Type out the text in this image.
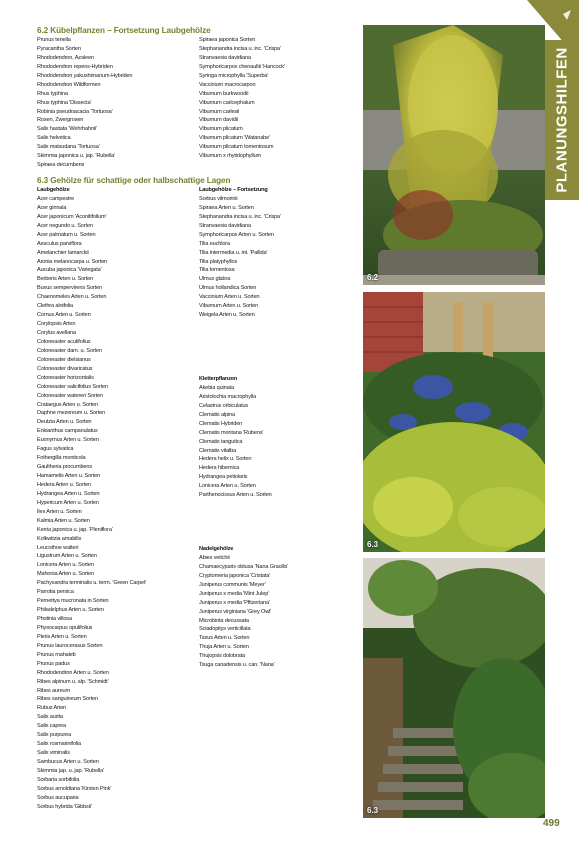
6.2 Kübelpflanzen – Fortsetzung Laubgehölze
Prunus tenella
Pyracantha Sorten
Rhododendron, Azaleen
Rhododendron repens-Hybriden
Rhododendron yakushimanum-Hybriden
Rhododendron Wildformen
Rhus typhina
Rhus typhina 'Dissecta'
Robinia pseudoacacia 'Tortuosa'
Rosen, Zwergrosen
Salix hastata 'Wehrhahnii'
Salix helvetica
Salix matsudana 'Tortuosa'
Skimmia japonica u. jap. 'Rubella'
Spiraea decumbens
Spiraea japonica Sorten
Stephanandra incisa u. inc. 'Crispa'
Stranvaesia davidiana
Symphoricarpos chenaultii 'Hancock'
Syringa microphylla 'Superba'
Vaccinium macrocarpon
Viburnum burkwoodii
Viburnum carlcephalum
Viburnum carlesii
Viburnum davidii
Viburnum plicatum
Viburnum plicatum 'Watanabe'
Viburnum plicatum tomentosum
Viburnum x rhytidophyllum
6.3 Gehölze für schattige oder halbschattige Lagen
Laubgehölze
Acer campestre
Acer ginnala
Acer japonicum 'Aconitifolium'
Acer negundo u. Sorten
Acer palmatum u. Sorten
Aesculus parviflora
Amelanchier lamarckii
Aronia melanocarpa u. Sorten
Aucuba japonica 'Variegata'
Berberis Arten u. Sorten
Buxus sempervirens Sorten
Chaenomeles Arten u. Sorten
Clethra alnifolia
Cornus Arten u. Sorten
Corylopsis Arten
Corylus avellana
Cotoneaster acutifolius
Cotoneaster dam. u. Sorten
Cotoneaster dielsianus
Cotoneaster divaricatus
Cotoneaster horizontalis
Cotoneaster salicifolius Sorten
Cotoneaster watereri Sorten
Crataegus Arten u. Sorten
Daphne mezereum u. Sorten
Deutzia Arten u. Sorten
Enkianthus campanulatus
Euonymus Arten u. Sorten
Fagus sylvatica
Fothergilla monticola
Gaultheria procumbens
Hamamelis Arten u. Sorten
Hedera Arten u. Sorten
Hydrangea Arten u. Sorten
Hypericum Arten u. Sorten
Ilex Arten u. Sorten
Kalmia Arten u. Sorten
Kerria japonica u. jap. 'Pleniflora'
Kolkwitzia amabilis
Leucothoe walteri
Ligustrum Arten u. Sorten
Lonicera Arten u. Sorten
Mahonia Arten u. Sorten
Pachysandra terminalis u. term. 'Green Carpet'
Parrotia persica
Pernettya mucronata in Sorten
Philadelphus Arten u. Sorten
Photinia villosa
Physocarpus opulifolius
Pieris Arten u. Sorten
Prunus laurocerasus Sorten
Prunus mahaleb
Prunus padus
Rhododendron Arten u. Sorten
Ribes alpinum u. alp. 'Schmidt'
Ribes aureum
Ribes sanguineum Sorten
Rubus Arten
Salix aurita
Salix caprea
Salix purpurea
Salix rosmarinifolia
Salix viminalis
Sambucus Arten u. Sorten
Skimmia jap. u. jap. 'Rubella'
Sorbaria sorbifolia
Sorbus arnoldiana 'Kirsten Pink'
Sorbus aucuparia
Sorbus hybrida 'Gibbsii'
Laubgehölze – Fortsetzung
Sorbus vilmorinii
Spiraea Arten u. Sorten
Stephanandra incisa u. inc. 'Crispa'
Stranvaesia davidiana
Symphoricarpos Arten u. Sorten
Tilia euchlora
Tilia intermedia u. int. 'Pallida'
Tilia platyphyllos
Tilia tomentosa
Ulmus glabra
Ulmus hollandica Sorten
Vaccinium Arten u. Sorten
Viburnum Arten u. Sorten
Weigela Arten u. Sorten
Kletterpflanzen
Akebia quinata
Aristolochia macrophylla
Celastrus orbiculatus
Clematis alpina
Clematis Hybriden
Clematis montana 'Rubens'
Clematis tangutica
Clematis vitalba
Hedera helix u. Sorten
Hedera hibernica
Hydrangea petiolaris
Lonicera Arten u. Sorten
Parthenocissus Arten u. Sorten
Nadelgehölze
Abies veitchii
Chamaecyparis obtusa 'Nana Gracilis'
Cryptomeria japonica 'Cristata'
Juniperus communis 'Meyer'
Juniperus x media 'Mint Julep'
Juniperus x media 'Pfitzeriana'
Juniperus virginiana 'Grey Owl'
Microbiota decussata
Sciadopitys verticillata
Taxus Arten u. Sorten
Thuja Arten u. Sorten
Thujopsis dolobrata
Tsuga canadensis u. can. 'Nana'
6.2
6.3
6.3
PLANUNGSHILFEN
499
